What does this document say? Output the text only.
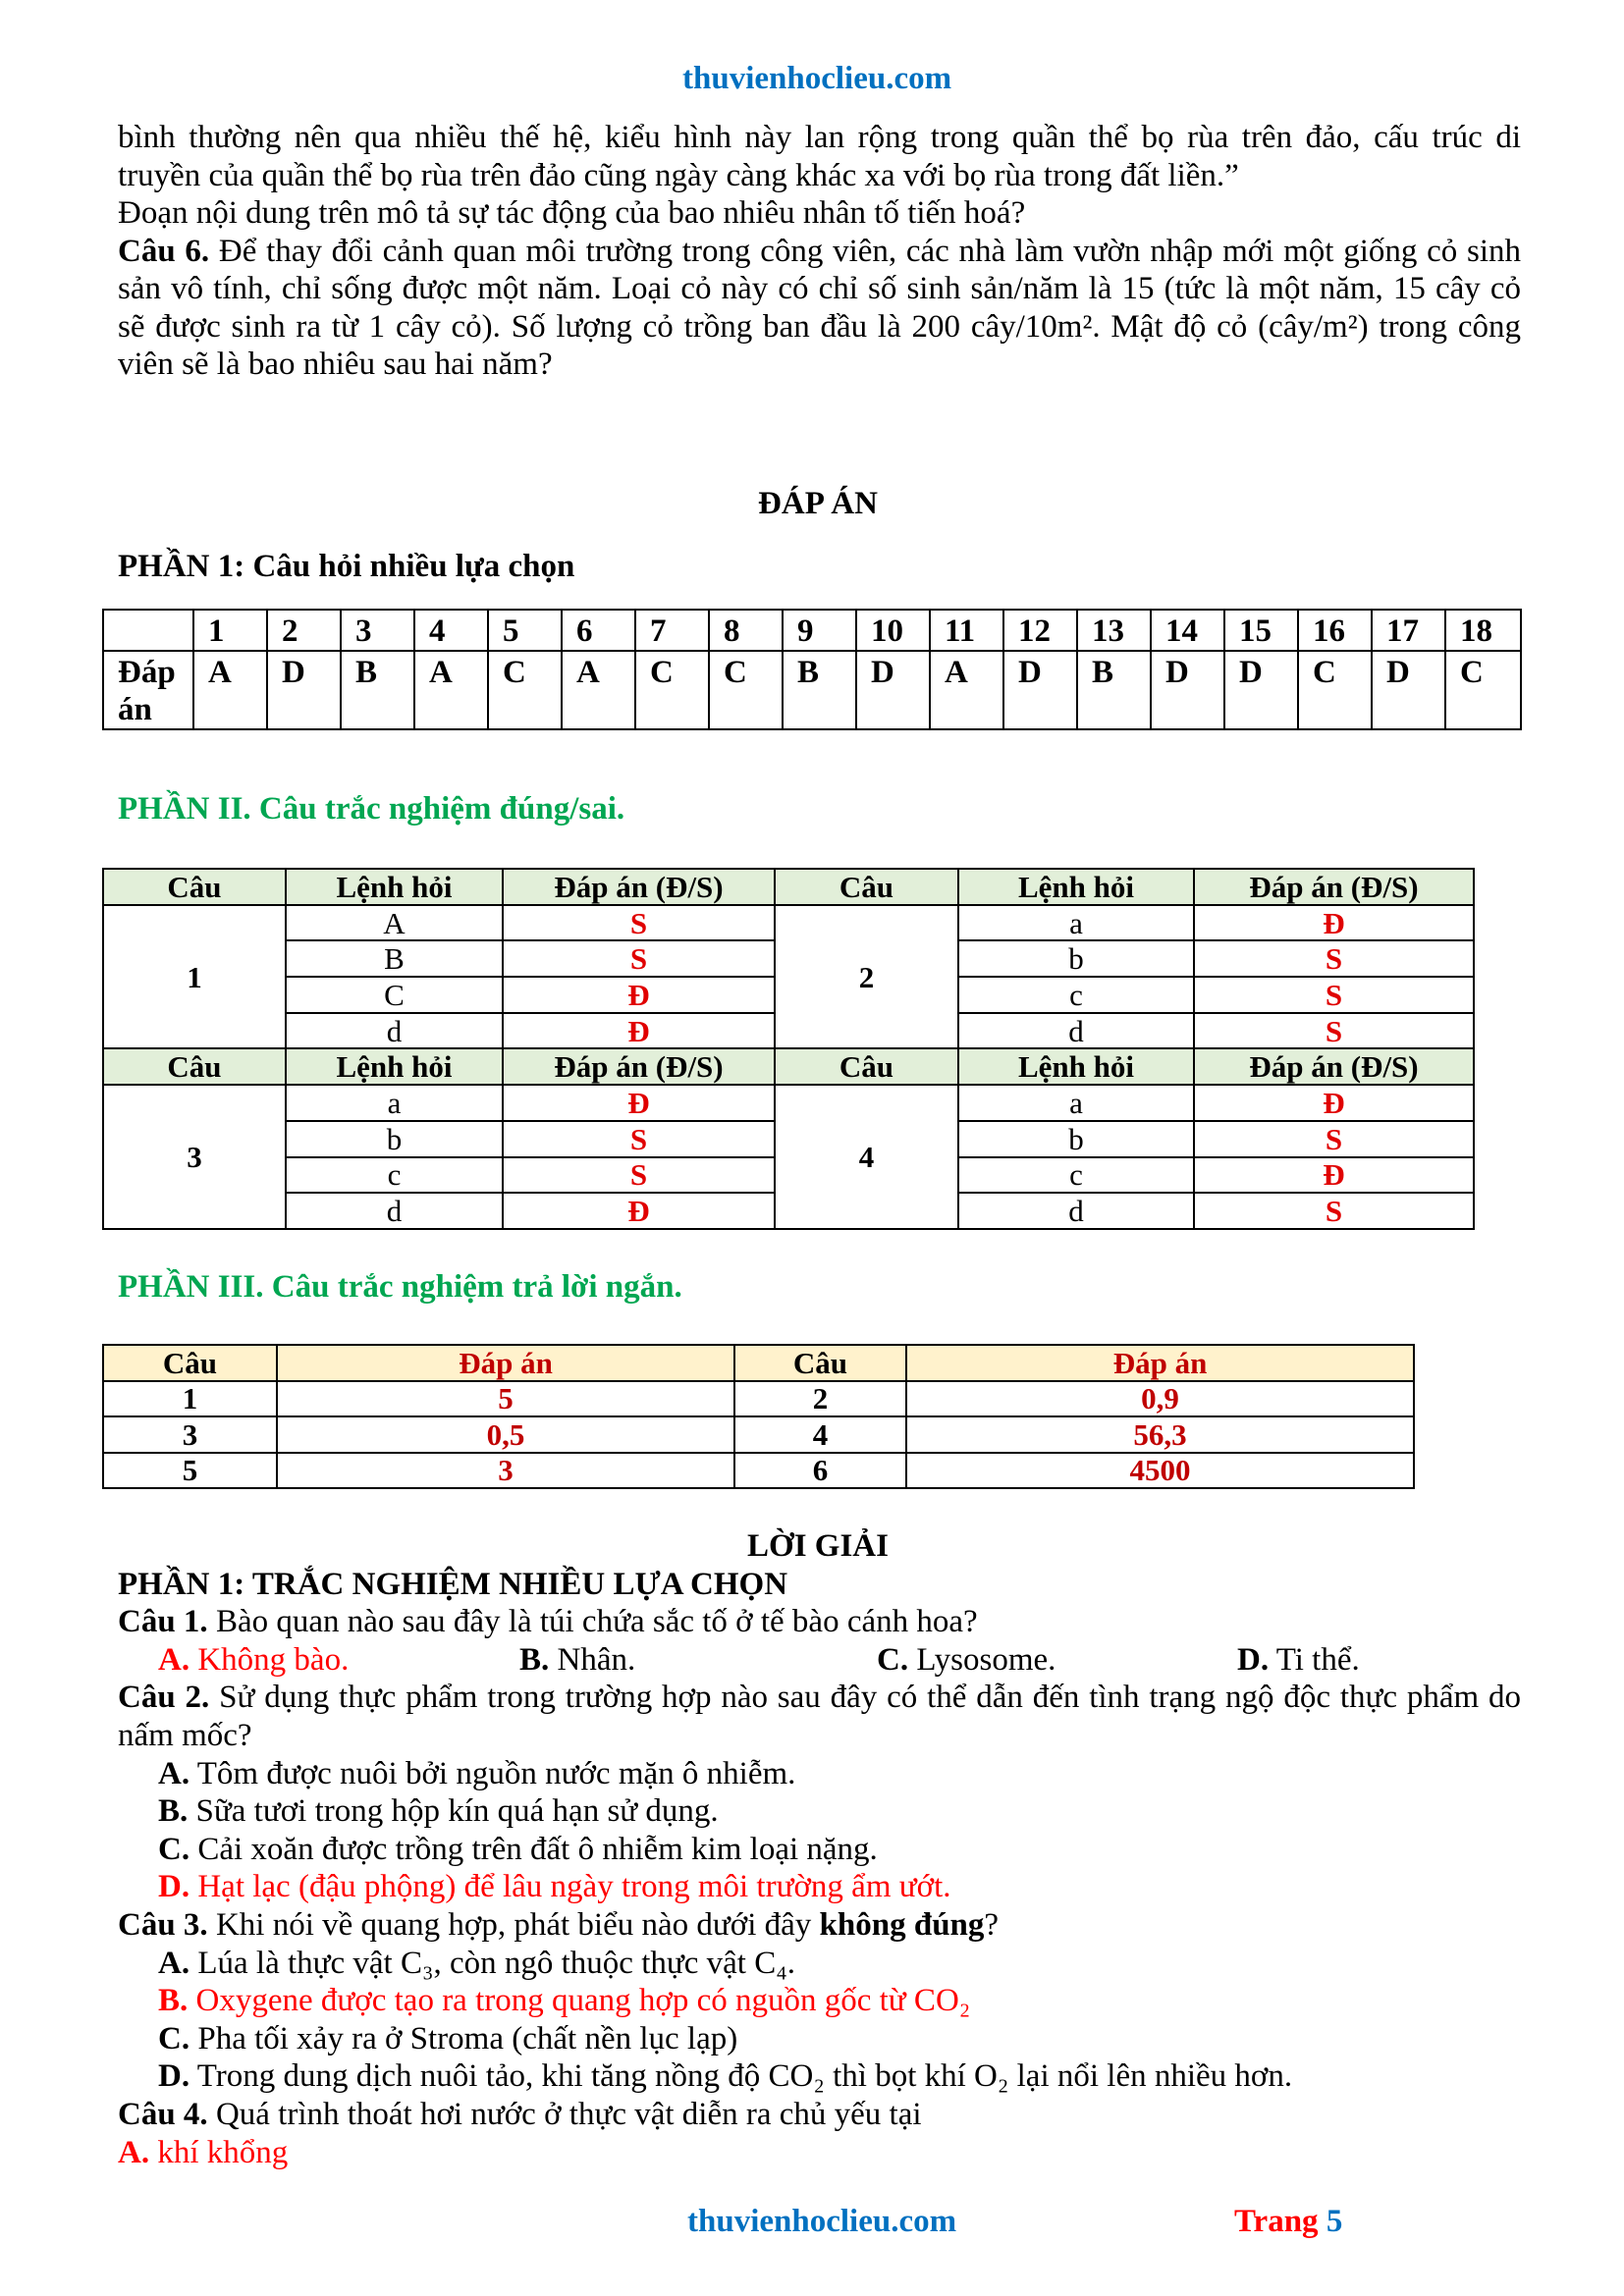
thuvienhoclieu.com
bình thường nên qua nhiều thế hệ, kiểu hình này lan rộng trong quần thể bọ rùa trên đảo, cấu trúc di
truyền của quần thể bọ rùa trên đảo cũng ngày càng khác xa với bọ rùa trong đất liền.”
Đoạn nội dung trên mô tả sự tác động của bao nhiêu nhân tố tiến hoá?
Câu 6. Để thay đổi cảnh quan môi trường trong công viên, các nhà làm vườn nhập mới một giống cỏ sinh
sản vô tính, chỉ sống được một năm. Loại cỏ này có chỉ số sinh sản/năm là 15 (tức là một năm, 15 cây cỏ
sẽ được sinh ra từ 1 cây cỏ). Số lượng cỏ trồng ban đầu là 200 cây/10m². Mật độ cỏ (cây/m²) trong công
viên sẽ là bao nhiêu sau hai năm?
ĐÁP ÁN
PHẦN 1: Câu hỏi nhiều lựa chọn
	1	2	3	4	5	6	7	8	9	10	11	12	13	14	15	16	17	18
Đáp án	A	D	B	A	C	A	C	C	B	D	A	D	B	D	D	C	D	C
PHẦN II. Câu trắc nghiệm đúng/sai.
Câu	Lệnh hỏi	Đáp án (Đ/S)	Câu	Lệnh hỏi	Đáp án (Đ/S)
1	A	S	2	a	Đ
	B	S		b	S
	C	Đ		c	S
	d	Đ		d	S
Câu	Lệnh hỏi	Đáp án (Đ/S)	Câu	Lệnh hỏi	Đáp án (Đ/S)
3	a	Đ	4	a	Đ
	b	S		b	S
	c	S		c	Đ
	d	Đ		d	S
PHẦN III. Câu trắc nghiệm trả lời ngắn.
Câu	Đáp án	Câu	Đáp án
1	5	2	0,9
3	0,5	4	56,3
5	3	6	4500
LỜI GIẢI
PHẦN 1: TRẮC NGHIỆM NHIỀU LỰA CHỌN
Câu 1. Bào quan nào sau đây là túi chứa sắc tố ở tế bào cánh hoa?
A. Không bào.	B. Nhân.	C. Lysosome.	D. Ti thể.
Câu 2. Sử dụng thực phẩm trong trường hợp nào sau đây có thể dẫn đến tình trạng ngộ độc thực phẩm do
nấm mốc?
A. Tôm được nuôi bởi nguồn nước mặn ô nhiễm.
B. Sữa tươi trong hộp kín quá hạn sử dụng.
C. Cải xoăn được trồng trên đất ô nhiễm kim loại nặng.
D. Hạt lạc (đậu phộng) để lâu ngày trong môi trường ẩm ướt.
Câu 3. Khi nói về quang hợp, phát biểu nào dưới đây không đúng?
A. Lúa là thực vật C₃, còn ngô thuộc thực vật C₄.
B. Oxygene được tạo ra trong quang hợp có nguồn gốc từ CO₂
C. Pha tối xảy ra ở Stroma (chất nền lục lạp)
D. Trong dung dịch nuôi tảo, khi tăng nồng độ CO₂ thì bọt khí O₂ lại nổi lên nhiều hơn.
Câu 4. Quá trình thoát hơi nước ở thực vật diễn ra chủ yếu tại
A. khí khổng
thuvienhoclieu.com	Trang 5
